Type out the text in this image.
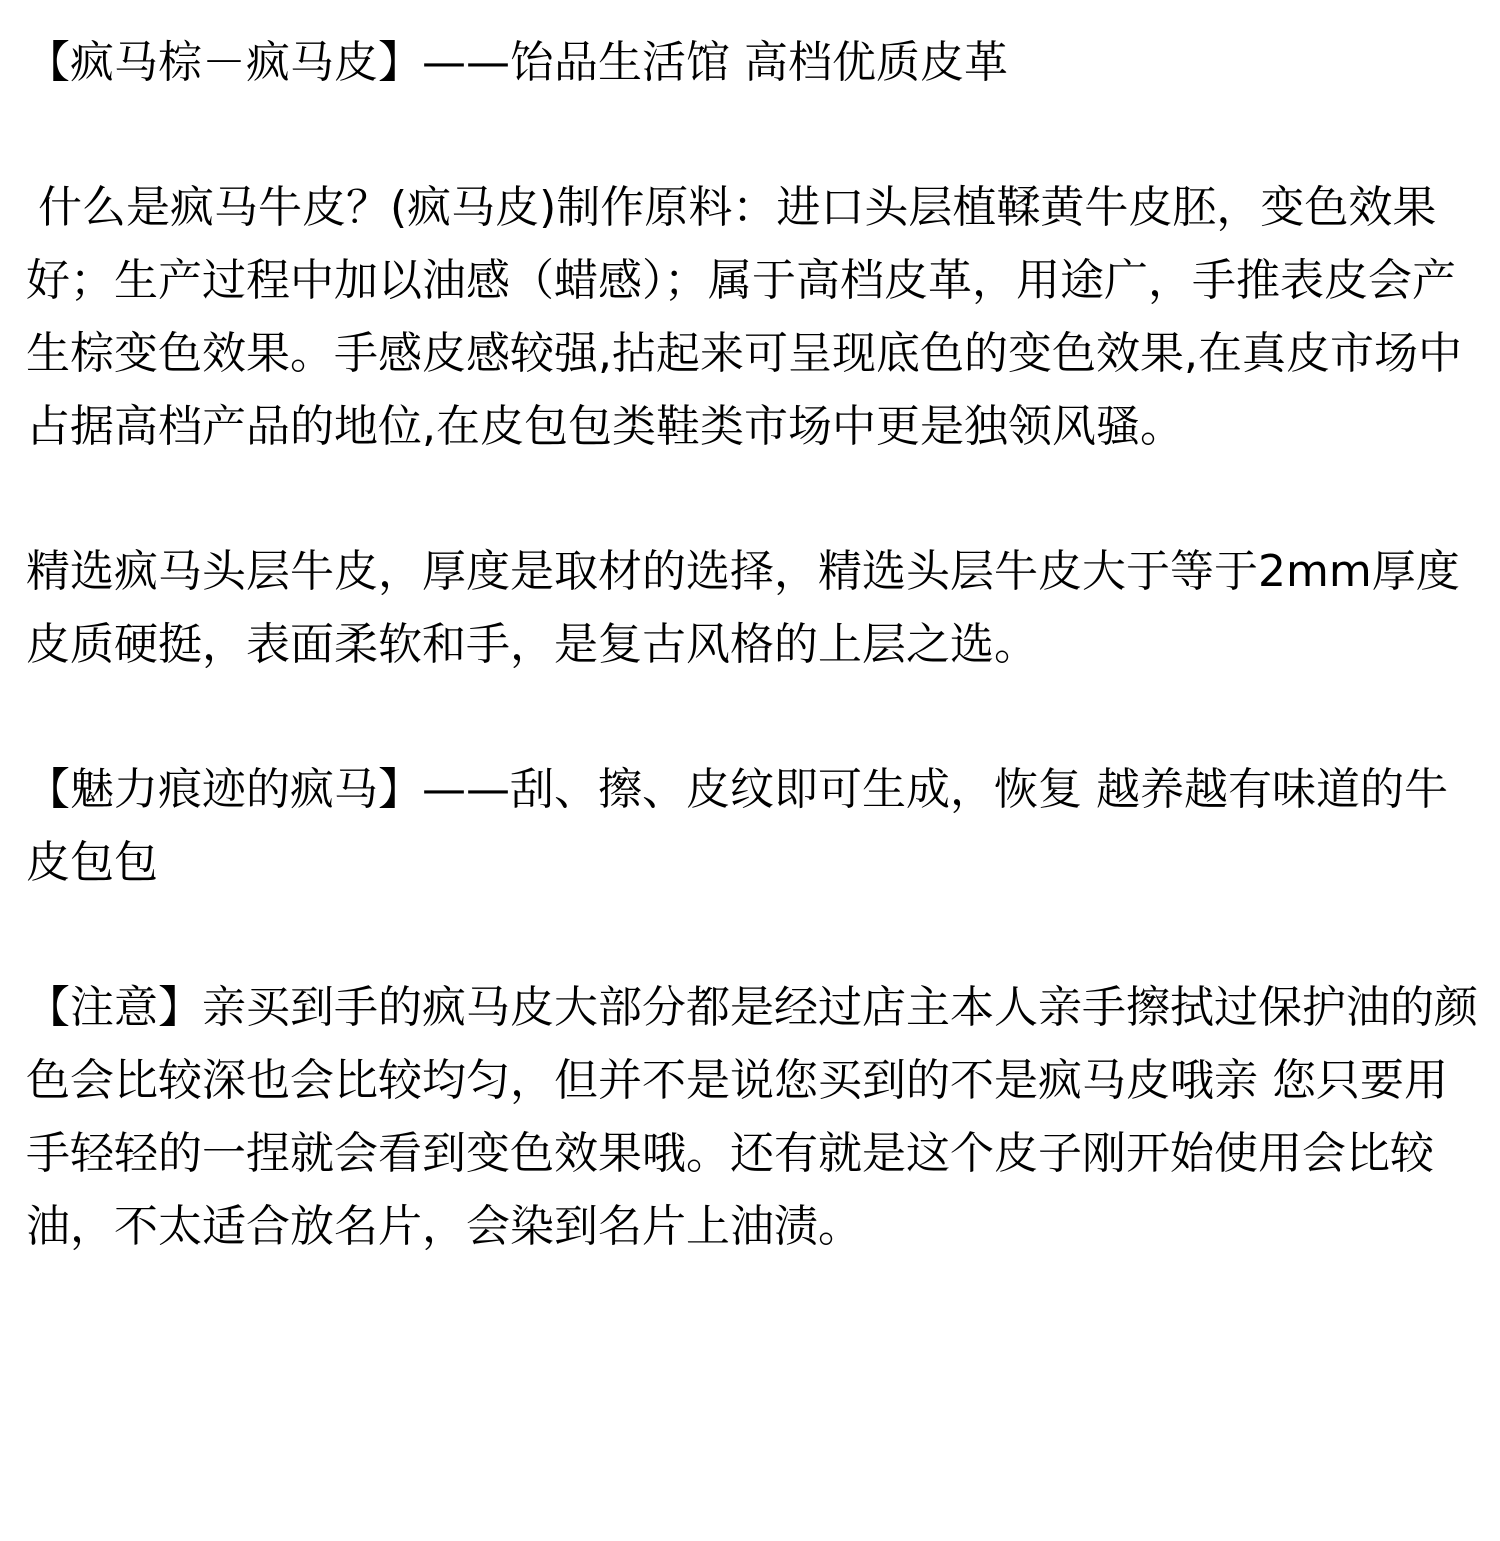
【疯马棕－疯马皮】——饴品生活馆 高档优质皮革

什么是疯马牛皮？(疯马皮)制作原料：进口头层植鞣黄牛皮胚，变色效果好；生产过程中加以油感（蜡感）；属于高档皮革，用途广，手推表皮会产生棕变色效果。手感皮感较强,拈起来可呈现底色的变色效果,在真皮市场中占据高档产品的地位,在皮包包类鞋类市场中更是独领风骚。

精选疯马头层牛皮，厚度是取材的选择，精选头层牛皮大于等于2mm厚度皮质硬挺，表面柔软和手，是复古风格的上层之选。

【魅力痕迹的疯马】——刮、擦、皮纹即可生成，恢复 越养越有味道的牛皮包包

【注意】亲买到手的疯马皮大部分都是经过店主本人亲手擦拭过保护油的颜色会比较深也会比较均匀，但并不是说您买到的不是疯马皮哦亲 您只要用手轻轻的一捏就会看到变色效果哦。还有就是这个皮子刚开始使用会比较油，不太适合放名片，会染到名片上油渍。
